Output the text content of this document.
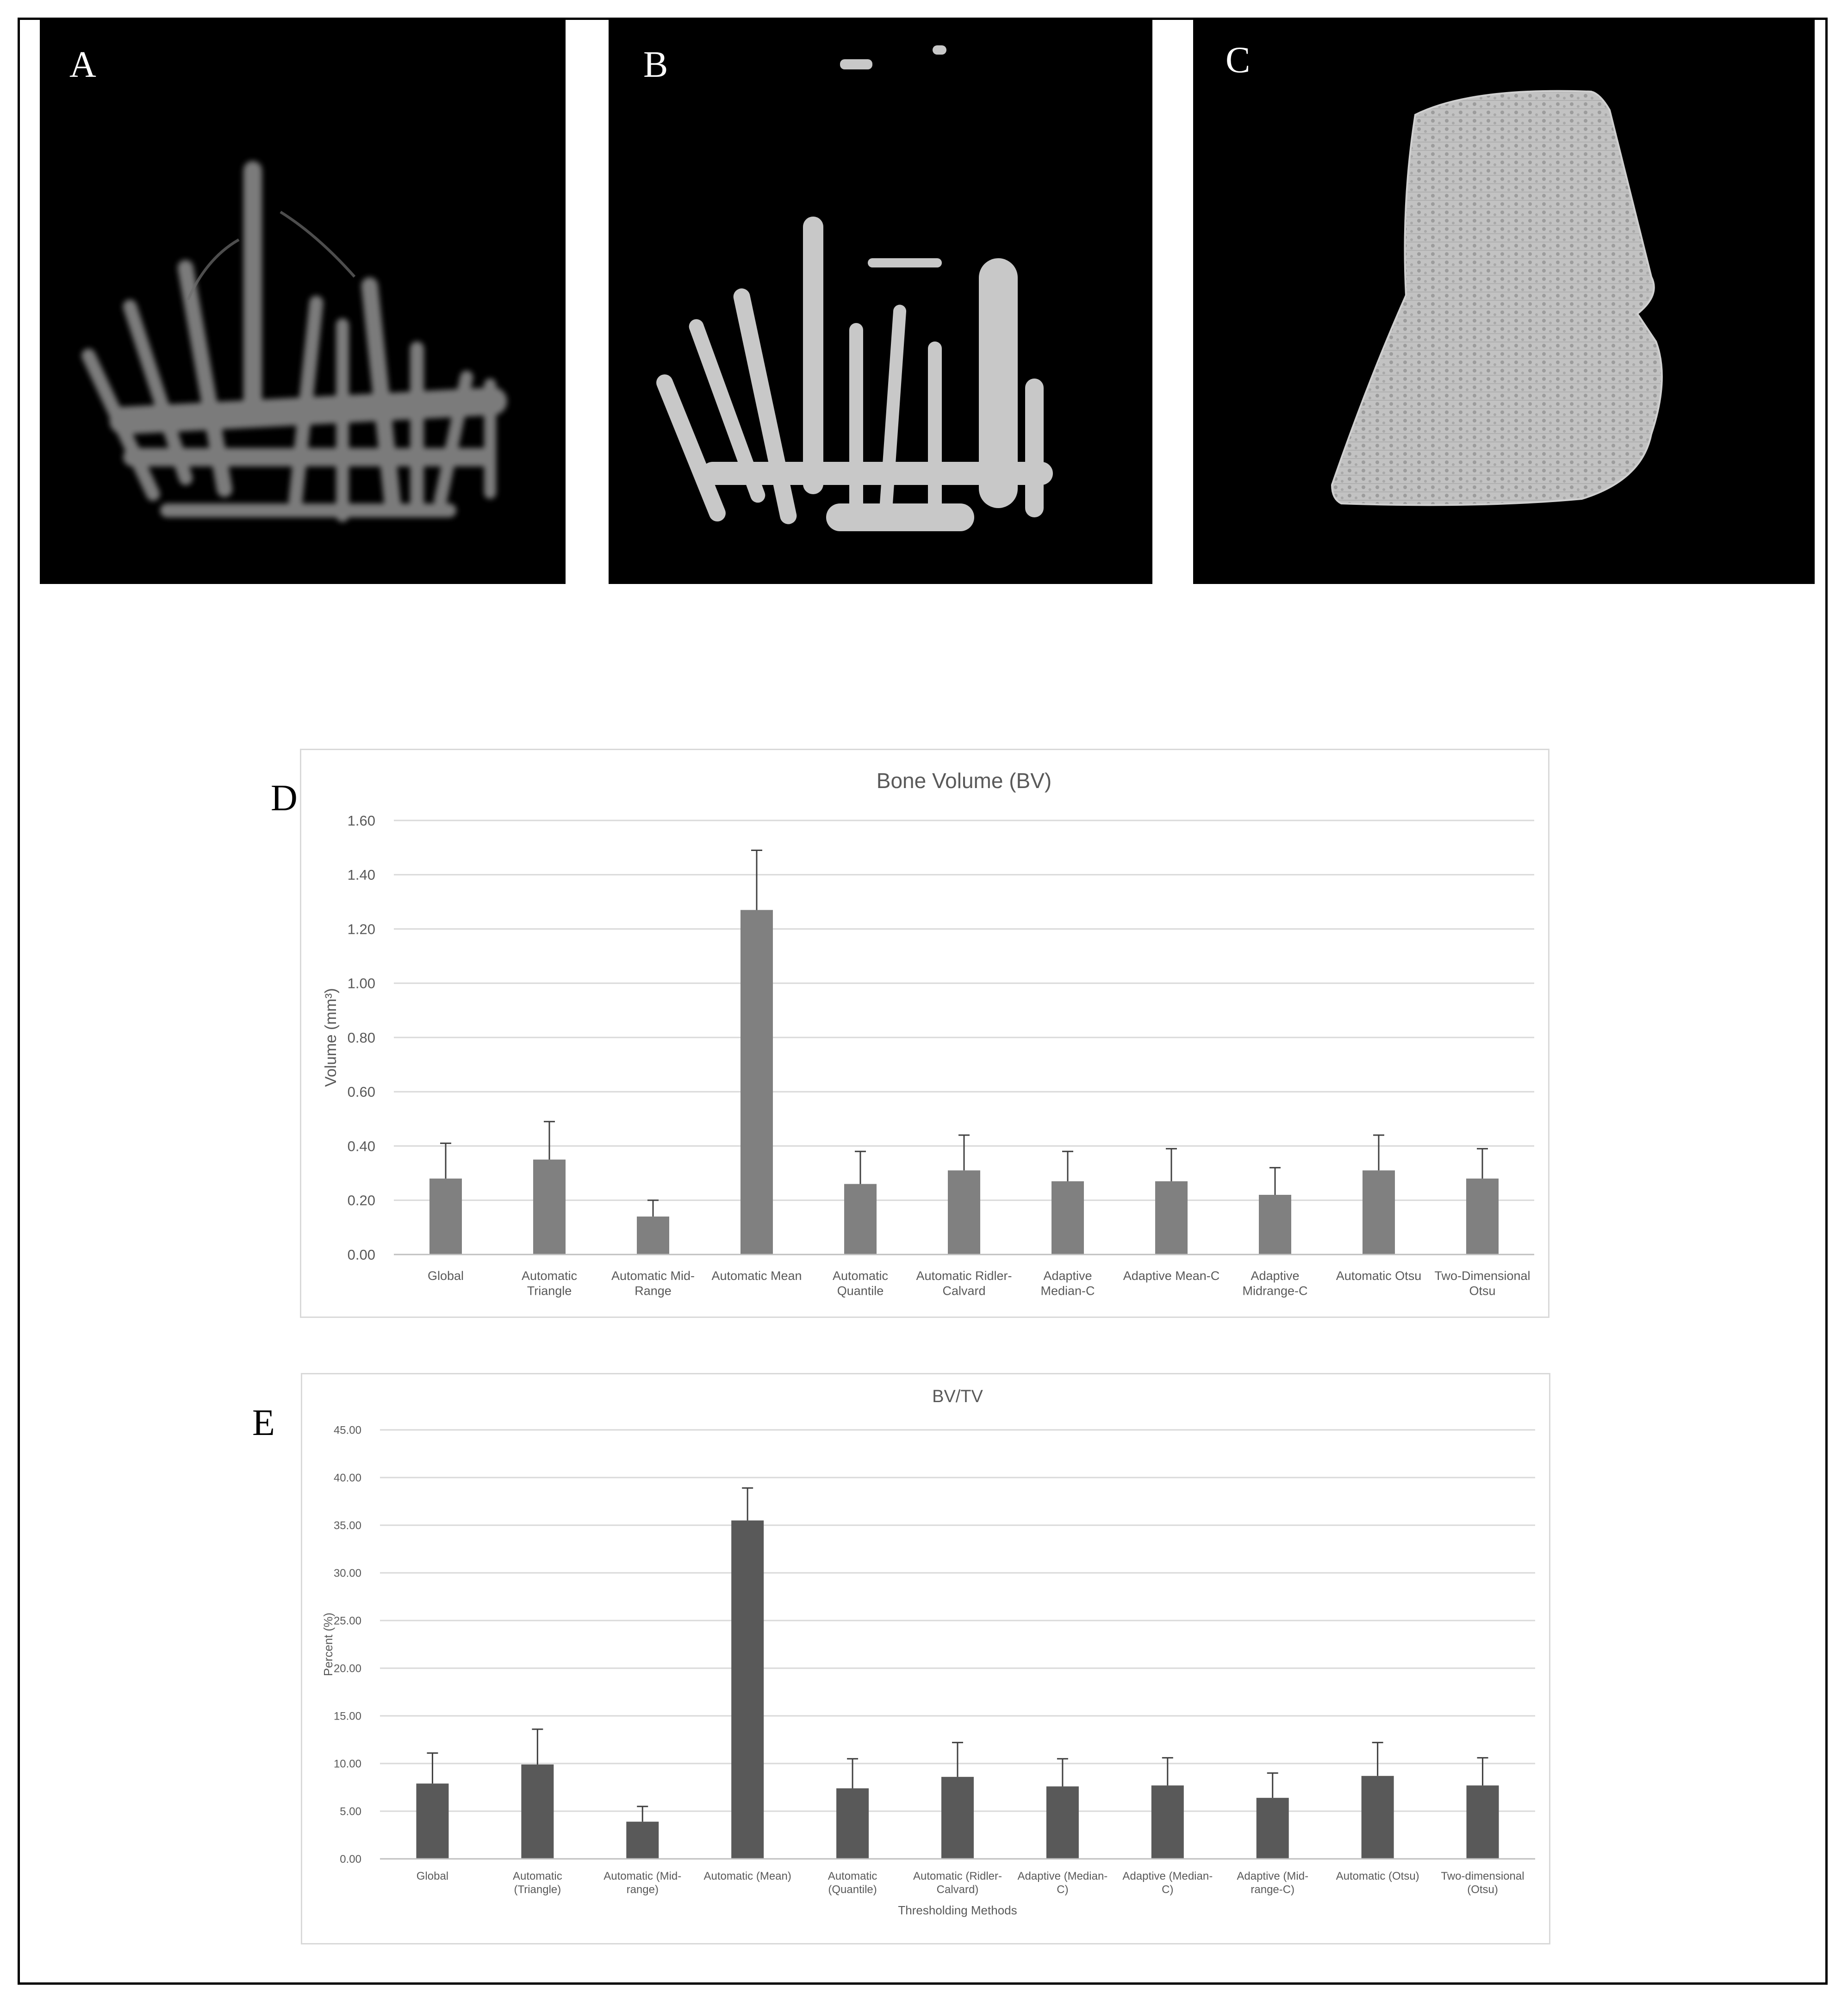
A	B	C
D	Bone Volume (BV)
0.00
0.20
0.40
0.60
0.80
1.00
1.20
1.40
1.60
Volume (mm³)
Global	Automatic Triangle
Automatic Mid-Range
Automatic Mean Automatic Quantile
Automatic Ridler-Calvard
Adaptive Median-C
Adaptive Mean-C	Adaptive Midrange-C
Automatic Otsu Two-Dimensional Otsu
E
BV/TV
0.00
5.00
10.00
15.00
20.00
25.00
30.00
35.00
40.00
45.00
Percent (%)
Global	Automatic (Triangle)
Automatic (Mid-range)
Automatic (Mean)	Automatic (Quantile)
Automatic (Ridler-Calvard)
Adaptive (Median-C)
Adaptive (Median-C)
Adaptive (Mid-range-C)
Automatic (Otsu) Two-dimensional (Otsu)
Thresholding Methods
